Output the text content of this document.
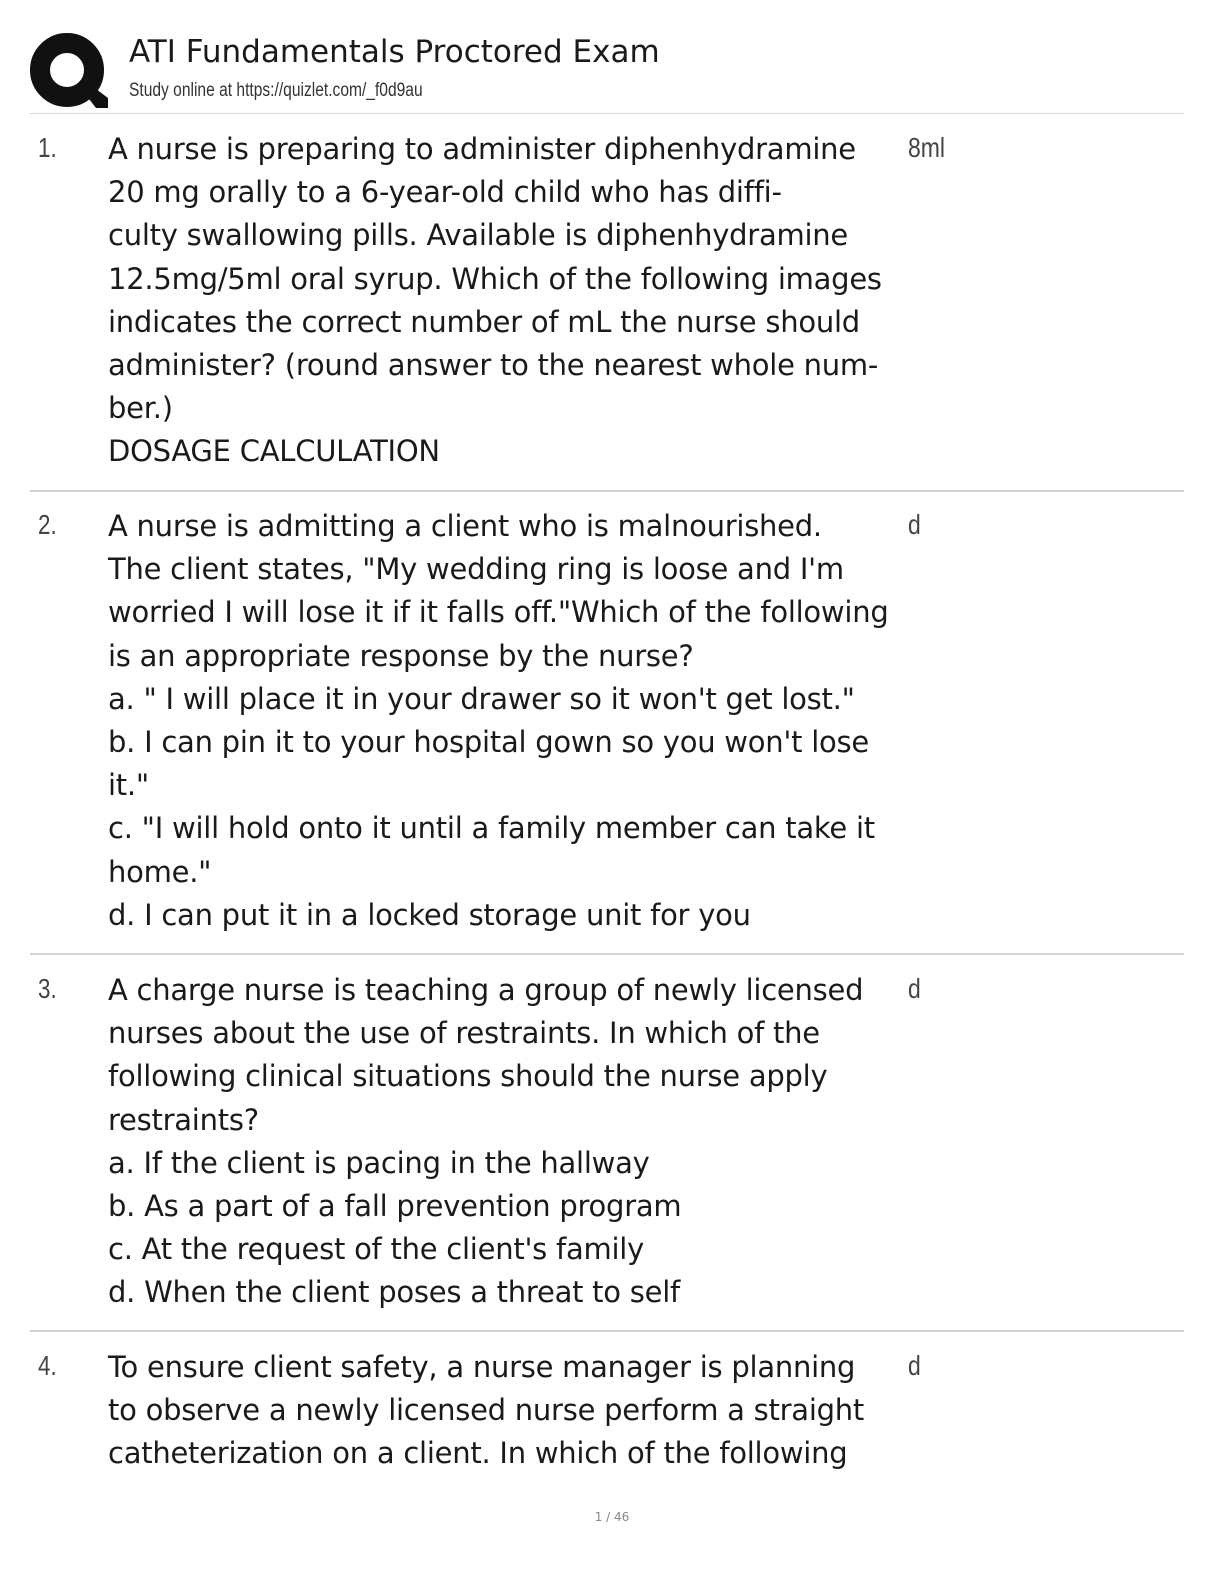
ATI Fundamentals Proctored Exam
Study online at https://quizlet.com/_f0d9au
1. A nurse is preparing to administer diphenhydramine
20 mg orally to a 6-year-old child who has diffi-
culty swallowing pills. Available is diphenhydramine
12.5mg/5ml oral syrup. Which of the following images
indicates the correct number of mL the nurse should
administer? (round answer to the nearest whole num-
ber.)
DOSAGE CALCULATION
8ml
2. A nurse is admitting a client who is malnourished.
The client states, "My wedding ring is loose and I'm
worried I will lose it if it falls off."Which of the following
is an appropriate response by the nurse?
a. " I will place it in your drawer so it won't get lost."
b. I can pin it to your hospital gown so you won't lose
it."
c. "I will hold onto it until a family member can take it
home."
d. I can put it in a locked storage unit for you
d
3. A charge nurse is teaching a group of newly licensed
nurses about the use of restraints. In which of the
following clinical situations should the nurse apply
restraints?
a. If the client is pacing in the hallway
b. As a part of a fall prevention program
c. At the request of the client's family
d. When the client poses a threat to self
d
4. To ensure client safety, a nurse manager is planning
to observe a newly licensed nurse perform a straight
catheterization on a client. In which of the following
d
1 / 46
